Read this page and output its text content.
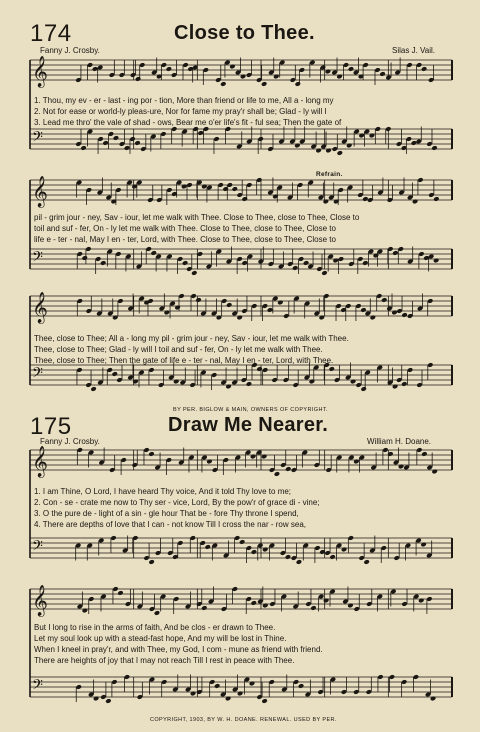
174	Close to Thee.
Fanny J. Crosby.	Silas J. Vail.
𝄞
𝄢
1. Thou, my ev - er - last - ing por - tion, More than friend or life to me, All a - long my
2. Not for ease or world-ly pleas-ure, Nor for fame my pray'r shall be; Glad - ly will I
3. Lead me thro' the vale of shad - ows, Bear me o'er life's fit - ful sea; Then the gate of
Refrain.
𝄞
𝄢
pil - grim jour - ney, Sav - iour, let me walk with Thee. Close to Thee, close to Thee, Close to
toil and suf - fer, On - ly let me walk with Thee. Close to Thee, close to Thee, Close to
life e - ter - nal, May I en - ter, Lord, with Thee. Close to Thee, close to Thee, Close to
𝄞
𝄢
Thee, close to Thee; All a - long my pil - grim jour - ney, Sav - iour, let me walk with Thee.
Thee, close to Thee; Glad - ly will I toil and suf - fer, On - ly let me walk with Thee.
Thee, close to Thee; Then the gate of life e - ter - nal, May I en - ter, Lord, with Thee.
BY PER. BIGLOW & MAIN, OWNERS OF COPYRIGHT.
175	Draw Me Nearer.
Fanny J. Crosby.	William H. Doane.
𝄞
𝄢
1. I am Thine, O Lord, I have heard Thy voice, And it told Thy love to me;
2. Con - se - crate me now to Thy ser - vice, Lord, By the pow'r of grace di - vine;
3. O the pure de - light of a sin - gle hour That be - fore Thy throne I spend,
4. There are depths of love that I can - not know Till I cross the nar - row sea,
𝄞
𝄢
But I long to rise in the arms of faith, And be clos - er drawn to Thee.
Let my soul look up with a stead-fast hope, And my will be lost in Thine.
When I kneel in pray'r, and with Thee, my God, I com - mune as friend with friend.
There are heights of joy that I may not reach Till I rest in peace with Thee.
COPYRIGHT, 1903, BY W. H. DOANE. RENEWAL. USED BY PER.
